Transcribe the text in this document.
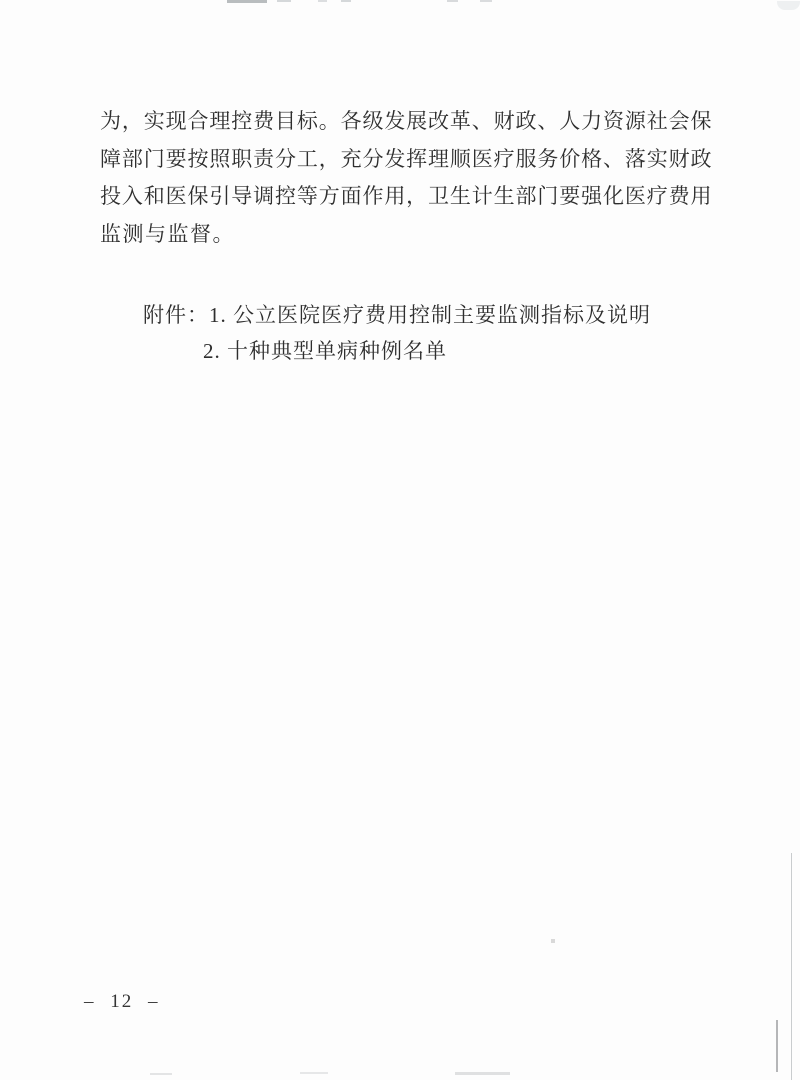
为，实现合理控费目标。各级发展改革、财政、人力资源社会保
障部门要按照职责分工，充分发挥理顺医疗服务价格、落实财政
投入和医保引导调控等方面作用，卫生计生部门要强化医疗费用
监测与监督。
附件： 1. 公立医院医疗费用控制主要监测指标及说明
2. 十种典型单病种例名单
– 12 –
